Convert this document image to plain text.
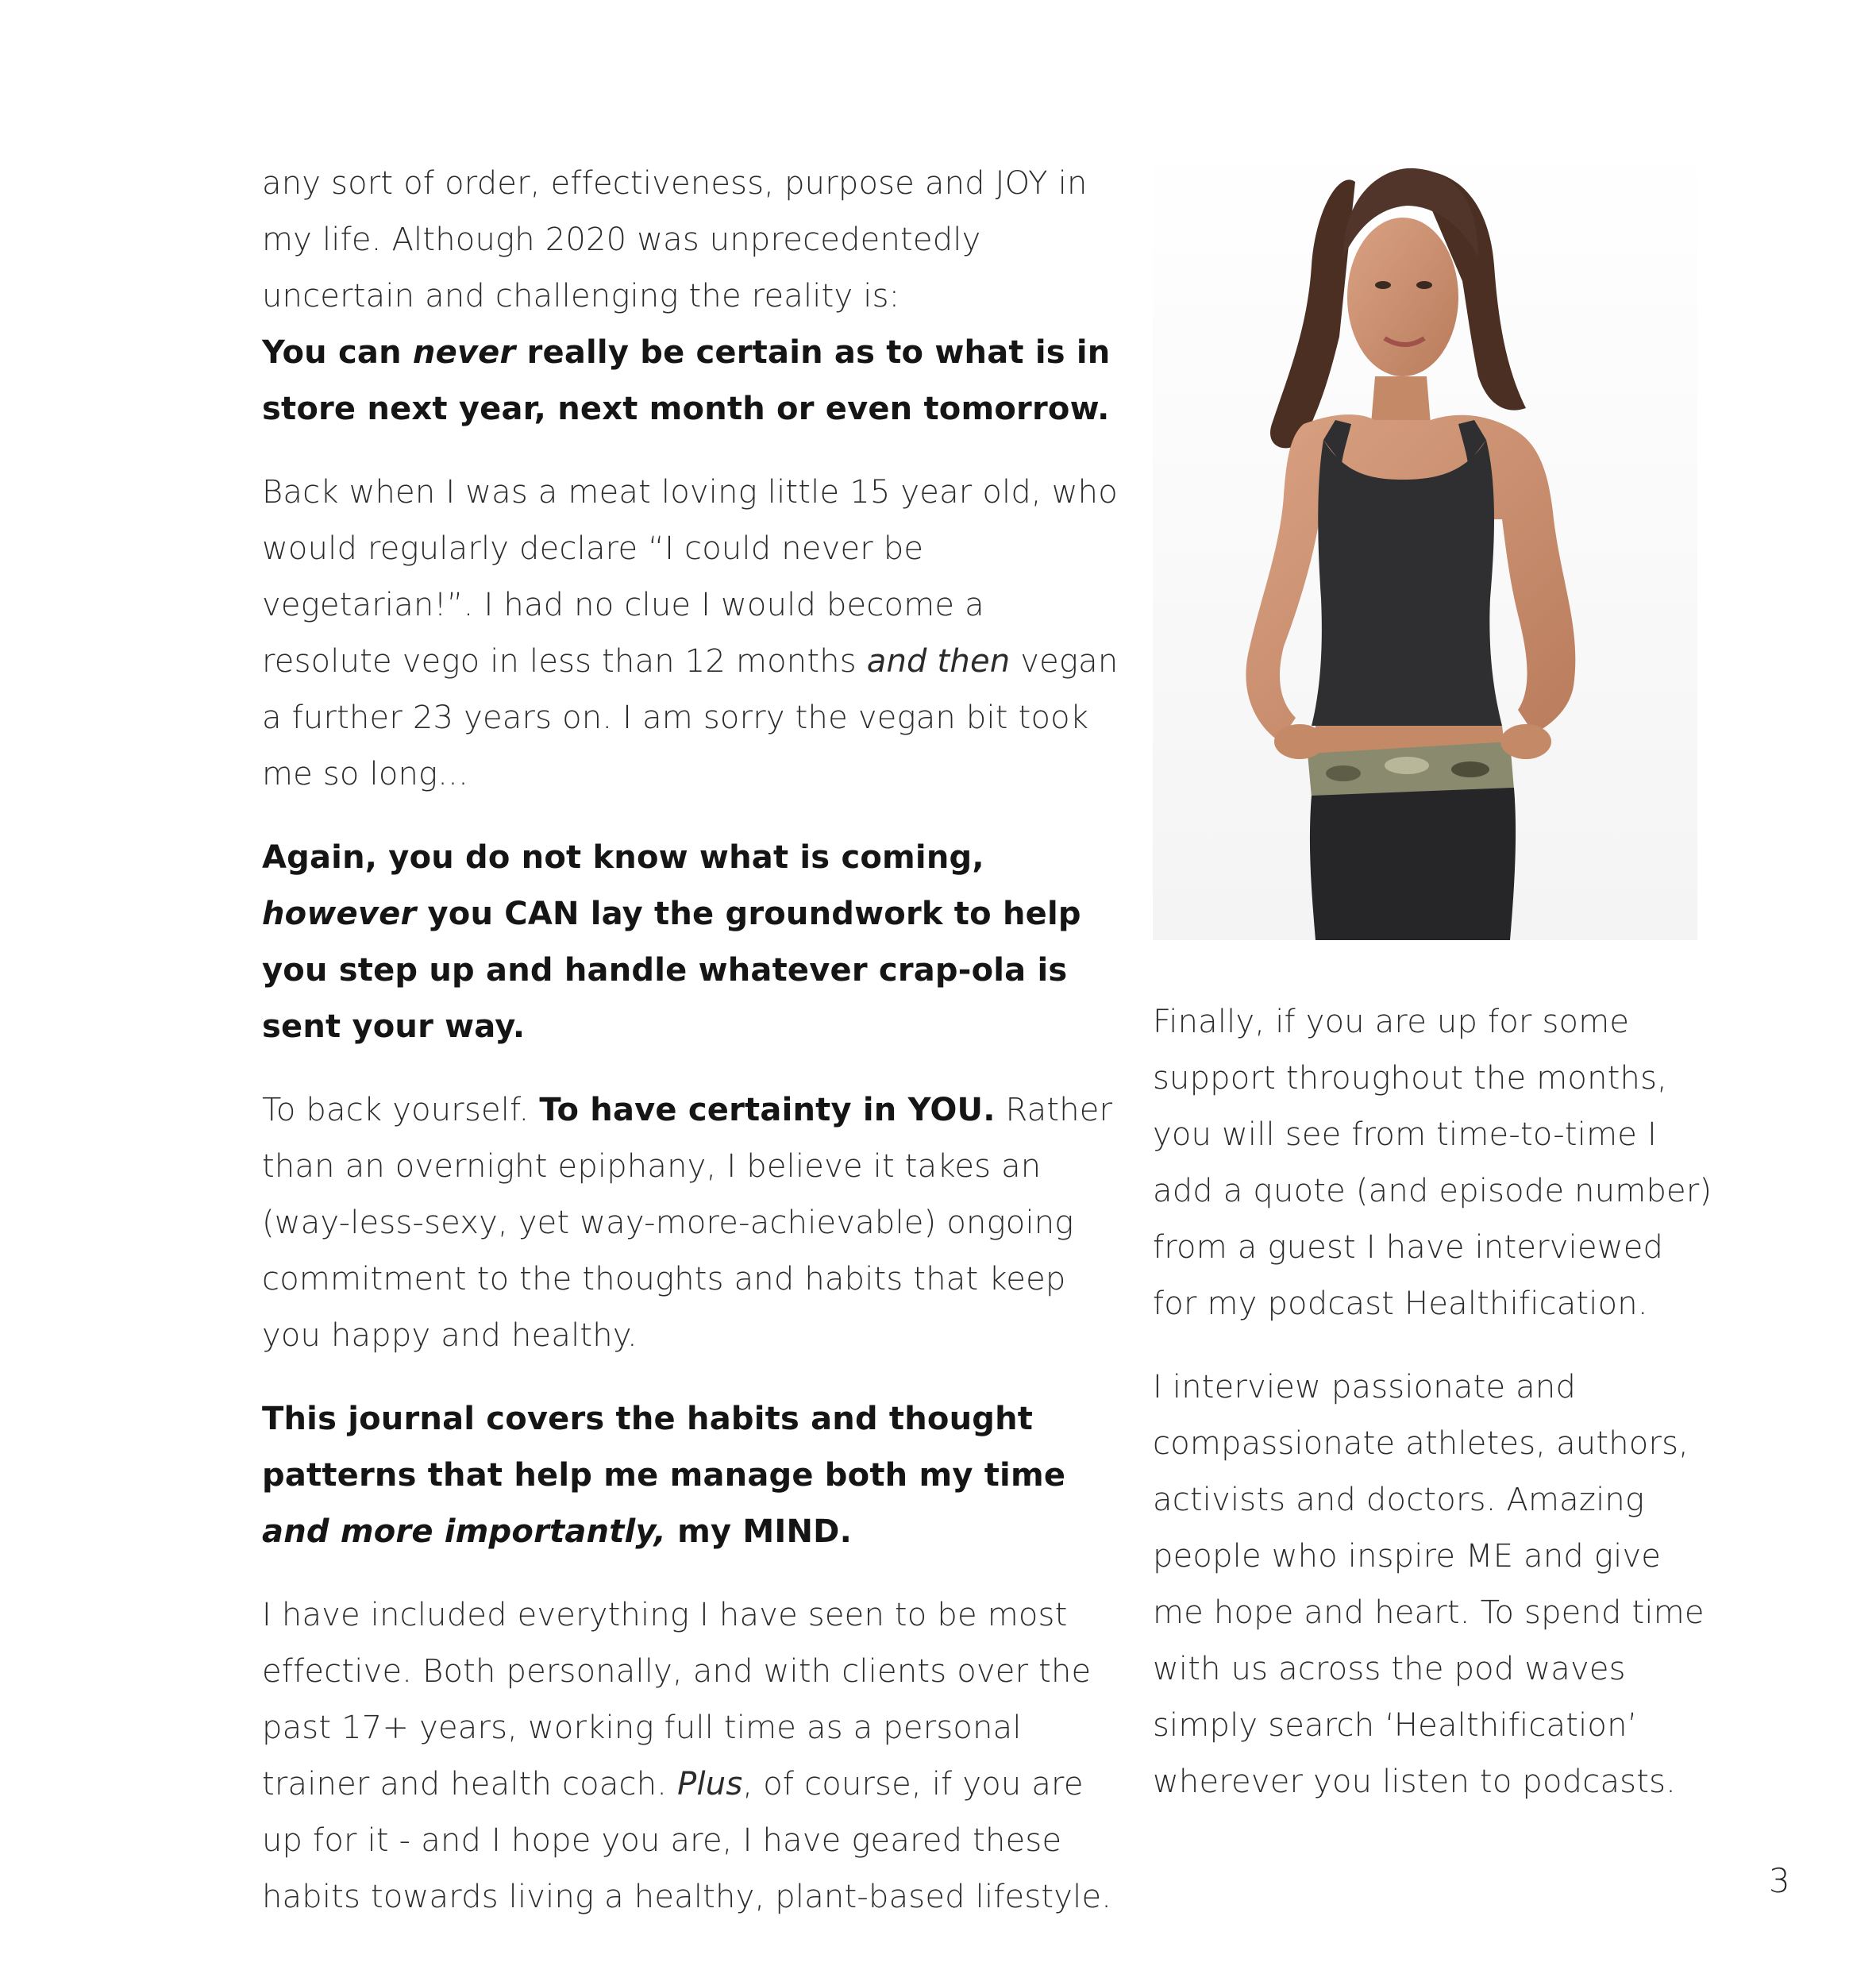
any sort of order, effectiveness, purpose and JOY in my life. Although 2020 was unprecedentedly uncertain and challenging the reality is:
You can never really be certain as to what is in store next year, next month or even tomorrow.

Back when I was a meat loving little 15 year old, who would regularly declare “I could never be vegetarian!”. I had no clue I would become a resolute vego in less than 12 months and then vegan a further 23 years on. I am sorry the vegan bit took me so long...

Again, you do not know what is coming, however you CAN lay the groundwork to help you step up and handle whatever crap-ola is sent your way.

To back yourself. To have certainty in YOU. Rather than an overnight epiphany, I believe it takes an (way-less-sexy, yet way-more-achievable) ongoing commitment to the thoughts and habits that keep you happy and healthy.

This journal covers the habits and thought patterns that help me manage both my time and more importantly, my MIND.

I have included everything I have seen to be most effective. Both personally, and with clients over the past 17+ years, working full time as a personal trainer and health coach. Plus, of course, if you are up for it - and I hope you are, I have geared these habits towards living a healthy, plant-based lifestyle.

Finally, if you are up for some support throughout the months, you will see from time-to-time I add a quote (and episode number) from a guest I have interviewed for my podcast Healthification.

I interview passionate and compassionate athletes, authors, activists and doctors. Amazing people who inspire ME and give me hope and heart. To spend time with us across the pod waves simply search ‘Healthification’ wherever you listen to podcasts.

3
